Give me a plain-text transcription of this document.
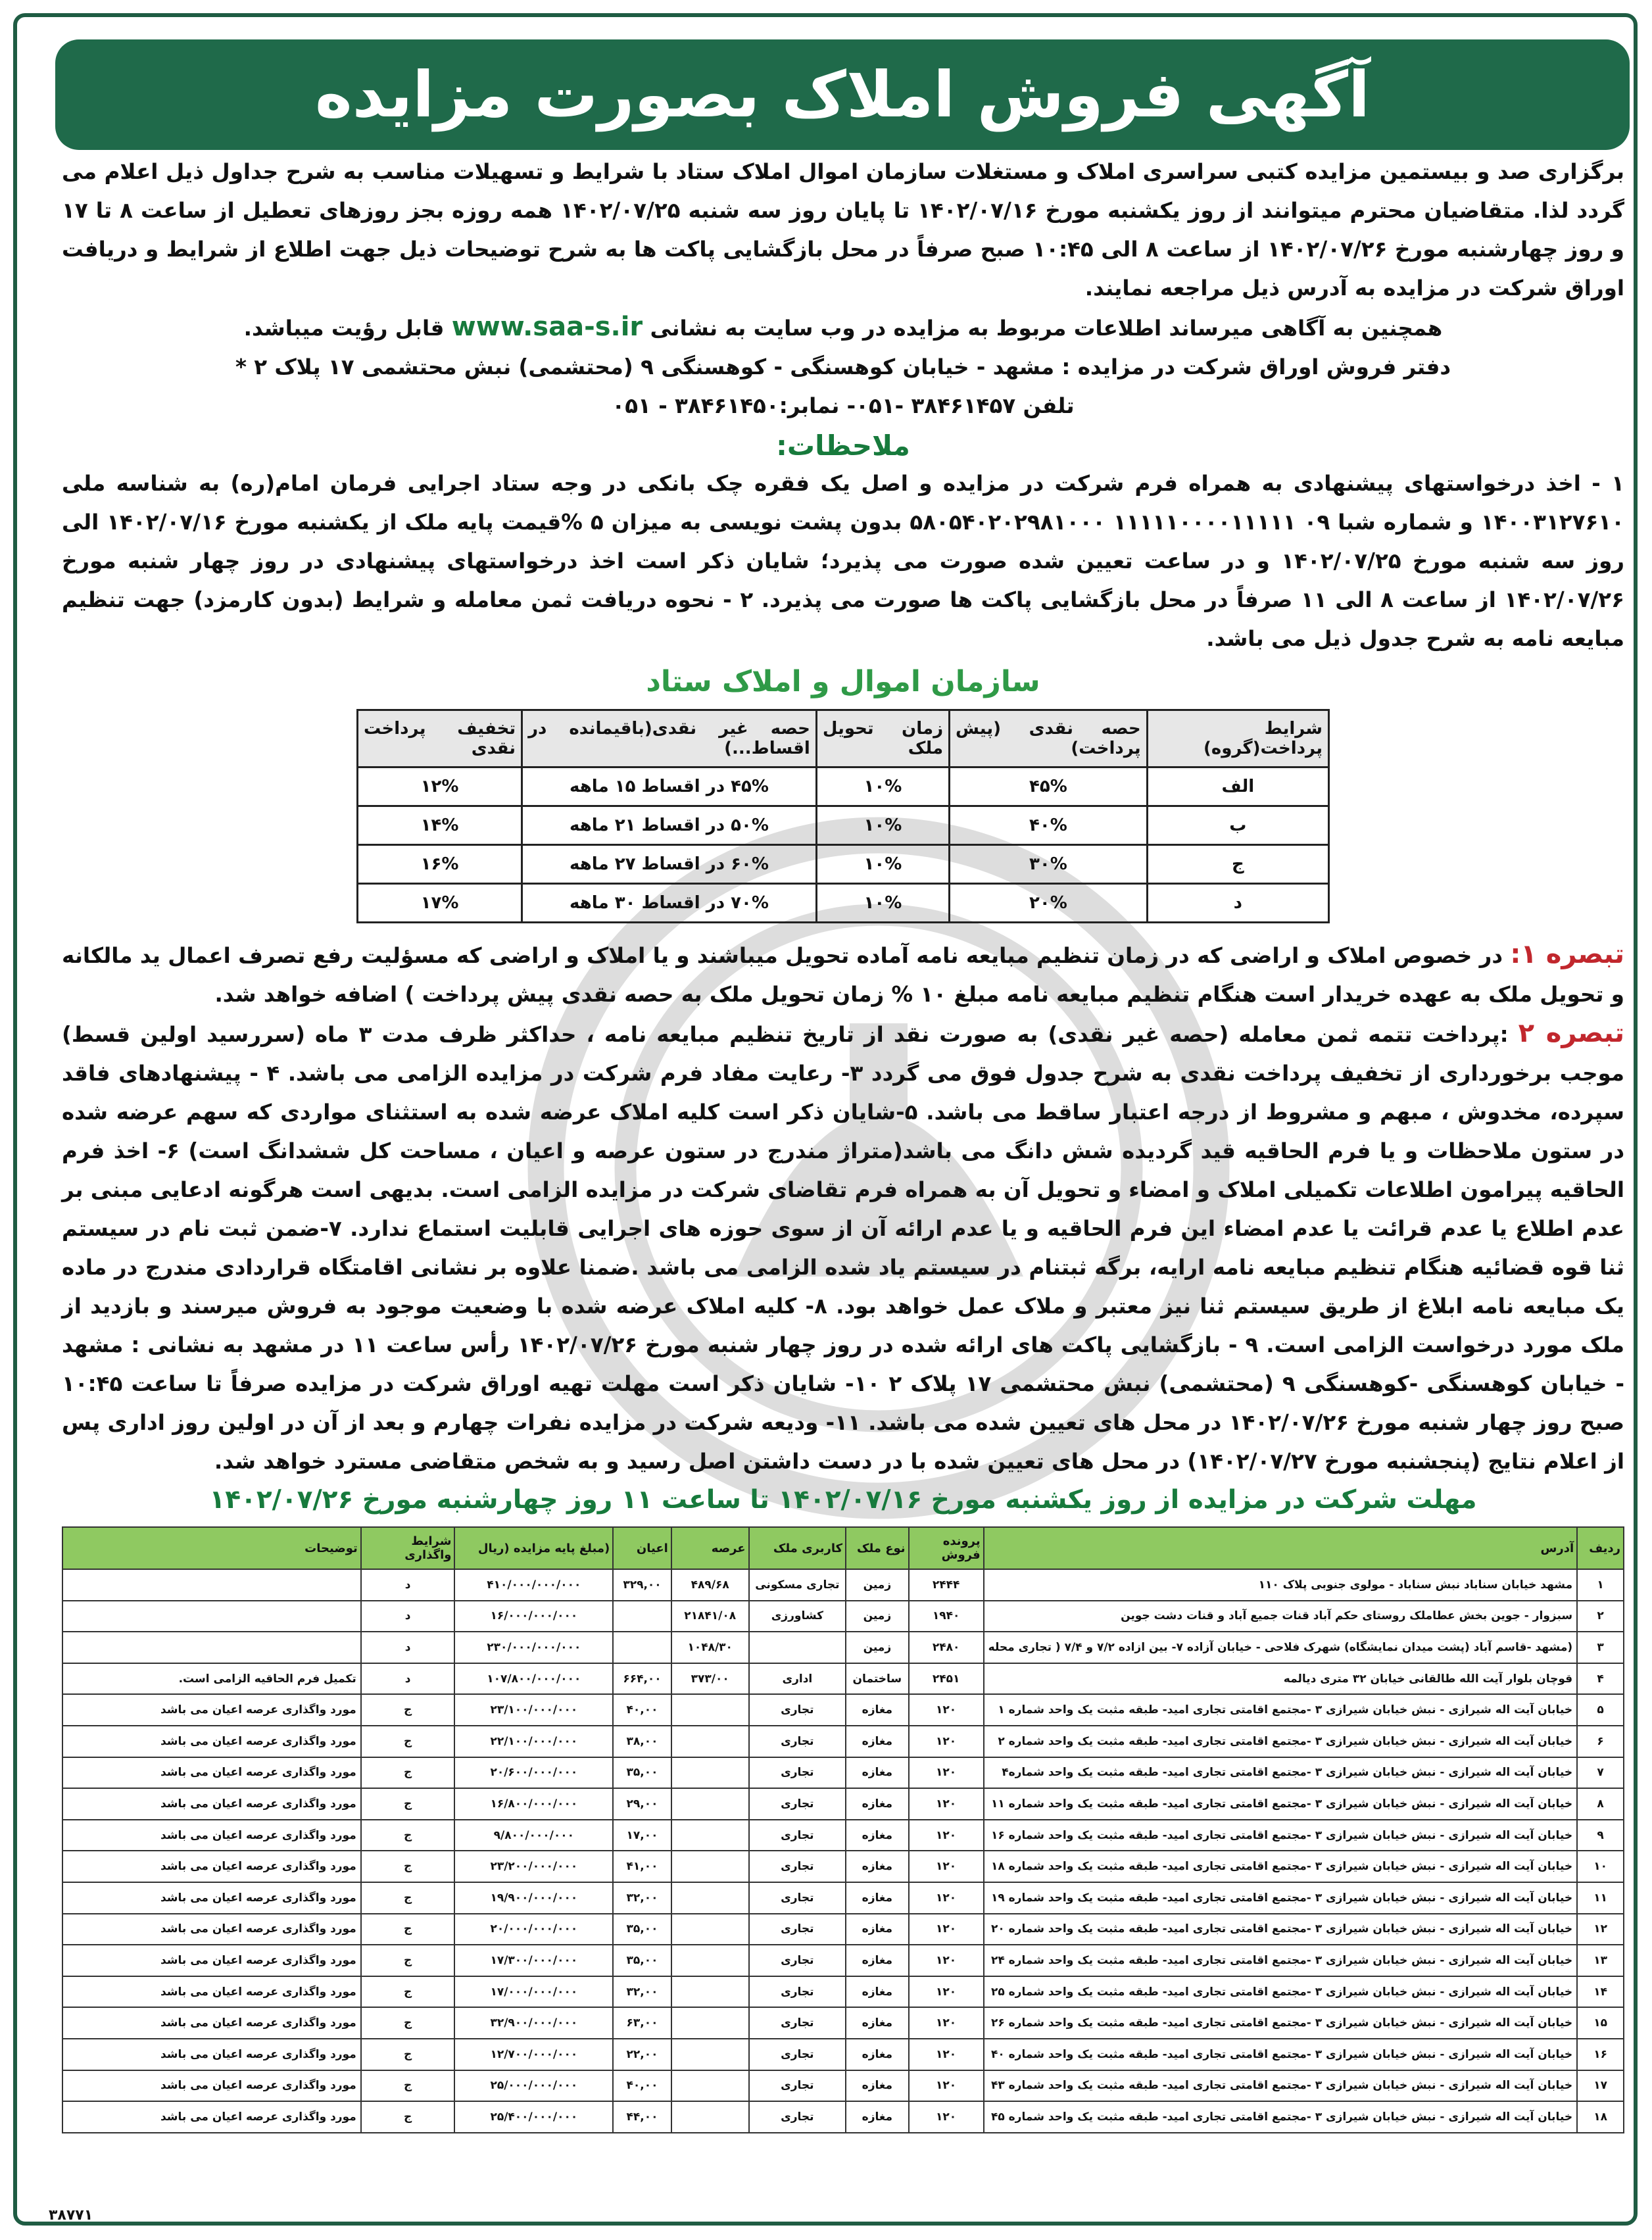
آگهی فروش املاک بصورت مزایده

برگزاری صد و بیستمین مزایده کتبی سراسری املاک و مستغلات سازمان اموال املاک ستاد با شرایط و تسهیلات مناسب به شرح جداول ذیل اعلام می گردد لذا. متقاضیان محترم میتوانند از روز یکشنبه مورخ ۱۴۰۲/۰۷/۱۶ تا پایان روز سه شنبه ۱۴۰۲/۰۷/۲۵ همه روزه بجز روزهای تعطیل از ساعت ۸ تا ۱۷ و روز چهارشنبه مورخ ۱۴۰۲/۰۷/۲۶ از ساعت ۸ الی ۱۰:۴۵ صبح صرفاً در محل بازگشایی پاکت ها به شرح توضیحات ذیل جهت اطلاع از شرایط و دریافت اوراق شرکت در مزایده به آدرس ذیل مراجعه نمایند.

همچنین به آگاهی میرساند اطلاعات مربوط به مزایده در وب سایت به نشانی www.saa-s.ir قابل رؤیت میباشد.

دفتر فروش اوراق شرکت در مزایده : مشهد - خیابان کوهسنگی - کوهسنگی ۹ (محتشمی) نبش محتشمی ۱۷ پلاک ۲ *

تلفن ۳۸۴۶۱۴۵۷ -۰۵۱- نمابر:۳۸۴۶۱۴۵۰ - ۰۵۱

ملاحظات:

۱ - اخذ درخواستهای پیشنهادی به همراه فرم شرکت در مزایده و اصل یک فقره چک بانکی در وجه ستاد اجرایی فرمان امام(ره) به شناسه ملی ۱۴۰۰۳۱۲۷۶۱۰ و شماره شبا ۰۹ ۱۱۱۱۱۰۰۰۰۱۱۱۱۱ ۵۸۰۵۴۰۲۰۲۹۸۱۰۰۰ بدون پشت نویسی به میزان ۵ %قیمت پایه ملک از یکشنبه مورخ ۱۴۰۲/۰۷/۱۶ الی روز سه شنبه مورخ ۱۴۰۲/۰۷/۲۵ و در ساعت تعیین شده صورت می پذیرد؛ شایان ذکر است اخذ درخواستهای پیشنهادی در روز چهار شنبه مورخ ۱۴۰۲/۰۷/۲۶ از ساعت ۸ الی ۱۱ صرفاً در محل بازگشایی پاکت ها صورت می پذیرد. ۲ - نحوه دریافت ثمن معامله و شرایط (بدون کارمزد) جهت تنظیم مبایعه نامه به شرح جدول ذیل می باشد.

سازمان اموال و املاک ستاد
شرایط پرداخت(گروه)	حصه نقدی (پیش پرداخت)	زمان تحویل ملک	حصه غیر نقدی(باقیمانده در اقساط...)	تخفیف پرداخت نقدی
الف	۴۵%	۱۰%	۴۵% در اقساط ۱۵ ماهه	۱۲%
ب	۴۰%	۱۰%	۵۰% در اقساط ۲۱ ماهه	۱۴%
ج	۳۰%	۱۰%	۶۰% در اقساط ۲۷ ماهه	۱۶%
د	۲۰%	۱۰%	۷۰% در اقساط ۳۰ ماهه	۱۷%

تبصره ۱: در خصوص املاک و اراضی که در زمان تنظیم مبایعه نامه آماده تحویل میباشند و یا املاک و اراضی که مسؤلیت رفع تصرف اعمال ید مالکانه و تحویل ملک به عهده خریدار است هنگام تنظیم مبایعه نامه مبلغ ۱۰ % زمان تحویل ملک به حصه نقدی پیش پرداخت ) اضافه خواهد شد.

تبصره ۲ :پرداخت تتمه ثمن معامله (حصه غیر نقدی) به صورت نقد از تاریخ تنظیم مبایعه نامه ، حداکثر ظرف مدت ۳ ماه (سررسید اولین قسط) موجب برخورداری از تخفیف پرداخت نقدی به شرح جدول فوق می گردد ۳- رعایت مفاد فرم شرکت در مزایده الزامی می باشد. ۴ - پیشنهادهای فاقد سپرده، مخدوش ، مبهم و مشروط از درجه اعتبار ساقط می باشد. ۵-شایان ذکر است کلیه املاک عرضه شده به استثنای مواردی که سهم عرضه شده در ستون ملاحظات و یا فرم الحاقیه قید گردیده شش دانگ می باشد(متراژ مندرج در ستون عرصه و اعیان ، مساحت کل ششدانگ است) ۶- اخذ فرم الحاقیه پیرامون اطلاعات تکمیلی املاک و امضاء و تحویل آن به همراه فرم تقاضای شرکت در مزایده الزامی است. بدیهی است هرگونه ادعایی مبنی بر عدم اطلاع یا عدم قرائت یا عدم امضاء این فرم الحاقیه و یا عدم ارائه آن از سوی حوزه های اجرایی قابلیت استماع ندارد. ۷-ضمن ثبت نام در سیستم ثنا قوه قضائیه هنگام تنظیم مبایعه نامه ارایه، برگه ثبتنام در سیستم یاد شده الزامی می باشد .ضمنا علاوه بر نشانی اقامتگاه قراردادی مندرج در ماده یک مبایعه نامه ابلاغ از طریق سیستم ثنا نیز معتبر و ملاک عمل خواهد بود. ۸- کلیه املاک عرضه شده با وضعیت موجود به فروش میرسند و بازدید از ملک مورد درخواست الزامی است. ۹ - بازگشایی پاکت های ارائه شده در روز چهار شنبه مورخ ۱۴۰۲/۰۷/۲۶ رأس ساعت ۱۱ در مشهد به نشانی : مشهد - خیابان کوهسنگی -کوهسنگی ۹ (محتشمی) نبش محتشمی ۱۷ پلاک ۲ ۱۰- شایان ذکر است مهلت تهیه اوراق شرکت در مزایده صرفاً تا ساعت ۱۰:۴۵ صبح روز چهار شنبه مورخ ۱۴۰۲/۰۷/۲۶ در محل های تعیین شده می باشد. ۱۱- ودیعه شرکت در مزایده نفرات چهارم و بعد از آن در اولین روز اداری پس از اعلام نتایج (پنجشنبه مورخ ۱۴۰۲/۰۷/۲۷) در محل های تعیین شده با در دست داشتن اصل رسید و به شخص متقاضی مسترد خواهد شد.

مهلت شرکت در مزایده از روز یکشنبه مورخ ۱۴۰۲/۰۷/۱۶ تا ساعت ۱۱ روز چهارشنبه مورخ ۱۴۰۲/۰۷/۲۶
ردیف	آدرس	پرونده فروش	نوع ملک	کاربری ملک	عرصه	اعیان	(مبلغ پایه مزایده (ریال	شرایط واگذاری	توضیحات
۱	مشهد خیابان سناباد نبش سناباد - مولوی جنوبی پلاک ۱۱۰	۲۴۴۴	زمین	تجاری مسکونی	۴۸۹/۶۸	۳۲۹,۰۰	۴۱۰/۰۰۰/۰۰۰/۰۰۰	د	
۲	سبزوار - جوین بخش عطاملک روستای حکم آباد قنات جمیع آباد و قنات دشت جوین	۱۹۴۰	زمین	کشاورزی	۲۱۸۴۱/۰۸		۱۶/۰۰۰/۰۰۰/۰۰۰	د	
۳	(مشهد -قاسم آباد (پشت میدان نمایشگاه) شهرک فلاحی - خیابان آزاده ۷- بین ازاده ۷/۲ و ۷/۴ ( تجاری محله	۲۴۸۰	زمین		۱۰۴۸/۳۰		۲۳۰/۰۰۰/۰۰۰/۰۰۰	د	
۴	قوچان بلوار آیت الله طالقانی خیابان ۳۲ متری دیالمه	۲۴۵۱	ساختمان	اداری	۳۷۳/۰۰	۶۶۴,۰۰	۱۰۷/۸۰۰/۰۰۰/۰۰۰	د	تکمیل فرم الحاقیه الزامی است.
۵	خیابان آیت اله شیرازی - نبش خیابان شیرازی ۳ -مجتمع اقامتی تجاری امید- طبقه مثبت یک واحد شماره ۱	۱۲۰	مغازه	تجاری		۴۰,۰۰	۲۳/۱۰۰/۰۰۰/۰۰۰	ج	مورد واگذاری عرصه اعیان می باشد
۶	خیابان آیت اله شیرازی - نبش خیابان شیرازی ۳ -مجتمع اقامتی تجاری امید- طبقه مثبت یک واحد شماره ۲	۱۲۰	مغازه	تجاری		۳۸,۰۰	۲۲/۱۰۰/۰۰۰/۰۰۰	ج	مورد واگذاری عرصه اعیان می باشد
۷	خیابان آیت اله شیرازی - نبش خیابان شیرازی ۳ -مجتمع اقامتی تجاری امید- طبقه مثبت یک واحد شماره۴	۱۲۰	مغازه	تجاری		۳۵,۰۰	۲۰/۶۰۰/۰۰۰/۰۰۰	ج	مورد واگذاری عرصه اعیان می باشد
۸	خیابان آیت اله شیرازی - نبش خیابان شیرازی ۳ -مجتمع اقامتی تجاری امید- طبقه مثبت یک واحد شماره ۱۱	۱۲۰	مغازه	تجاری		۲۹,۰۰	۱۶/۸۰۰/۰۰۰/۰۰۰	ج	مورد واگذاری عرصه اعیان می باشد
۹	خیابان آیت اله شیرازی - نبش خیابان شیرازی ۳ -مجتمع اقامتی تجاری امید- طبقه مثبت یک واحد شماره ۱۶	۱۲۰	مغازه	تجاری		۱۷,۰۰	۹/۸۰۰/۰۰۰/۰۰۰	ج	مورد واگذاری عرصه اعیان می باشد
۱۰	خیابان آیت اله شیرازی - نبش خیابان شیرازی ۳ -مجتمع اقامتی تجاری امید- طبقه مثبت یک واحد شماره ۱۸	۱۲۰	مغازه	تجاری		۴۱,۰۰	۲۳/۲۰۰/۰۰۰/۰۰۰	ج	مورد واگذاری عرصه اعیان می باشد
۱۱	خیابان آیت اله شیرازی - نبش خیابان شیرازی ۳ -مجتمع اقامتی تجاری امید- طبقه مثبت یک واحد شماره ۱۹	۱۲۰	مغازه	تجاری		۳۲,۰۰	۱۹/۹۰۰/۰۰۰/۰۰۰	ج	مورد واگذاری عرصه اعیان می باشد
۱۲	خیابان آیت اله شیرازی - نبش خیابان شیرازی ۳ -مجتمع اقامتی تجاری امید- طبقه مثبت یک واحد شماره ۲۰	۱۲۰	مغازه	تجاری		۳۵,۰۰	۲۰/۰۰۰/۰۰۰/۰۰۰	ج	مورد واگذاری عرصه اعیان می باشد
۱۳	خیابان آیت اله شیرازی - نبش خیابان شیرازی ۳ -مجتمع اقامتی تجاری امید- طبقه مثبت یک واحد شماره ۲۴	۱۲۰	مغازه	تجاری		۳۵,۰۰	۱۷/۳۰۰/۰۰۰/۰۰۰	ج	مورد واگذاری عرصه اعیان می باشد
۱۴	خیابان آیت اله شیرازی - نبش خیابان شیرازی ۳ -مجتمع اقامتی تجاری امید- طبقه مثبت یک واحد شماره ۲۵	۱۲۰	مغازه	تجاری		۳۲,۰۰	۱۷/۰۰۰/۰۰۰/۰۰۰	ج	مورد واگذاری عرصه اعیان می باشد
۱۵	خیابان آیت اله شیرازی - نبش خیابان شیرازی ۳ -مجتمع اقامتی تجاری امید- طبقه مثبت یک واحد شماره ۲۶	۱۲۰	مغازه	تجاری		۶۳,۰۰	۳۲/۹۰۰/۰۰۰/۰۰۰	ج	مورد واگذاری عرصه اعیان می باشد
۱۶	خیابان آیت اله شیرازی - نبش خیابان شیرازی ۳ -مجتمع اقامتی تجاری امید- طبقه مثبت یک واحد شماره ۴۰	۱۲۰	مغازه	تجاری		۲۲,۰۰	۱۲/۷۰۰/۰۰۰/۰۰۰	ج	مورد واگذاری عرصه اعیان می باشد
۱۷	خیابان آیت اله شیرازی - نبش خیابان شیرازی ۳ -مجتمع اقامتی تجاری امید- طبقه مثبت یک واحد شماره ۴۳	۱۲۰	مغازه	تجاری		۴۰,۰۰	۲۵/۰۰۰/۰۰۰/۰۰۰	ج	مورد واگذاری عرصه اعیان می باشد
۱۸	خیابان آیت اله شیرازی - نبش خیابان شیرازی ۳ -مجتمع اقامتی تجاری امید- طبقه مثبت یک واحد شماره ۴۵	۱۲۰	مغازه	تجاری		۴۴,۰۰	۲۵/۴۰۰/۰۰۰/۰۰۰	ج	مورد واگذاری عرصه اعیان می باشد
۳۸۷۷۱
